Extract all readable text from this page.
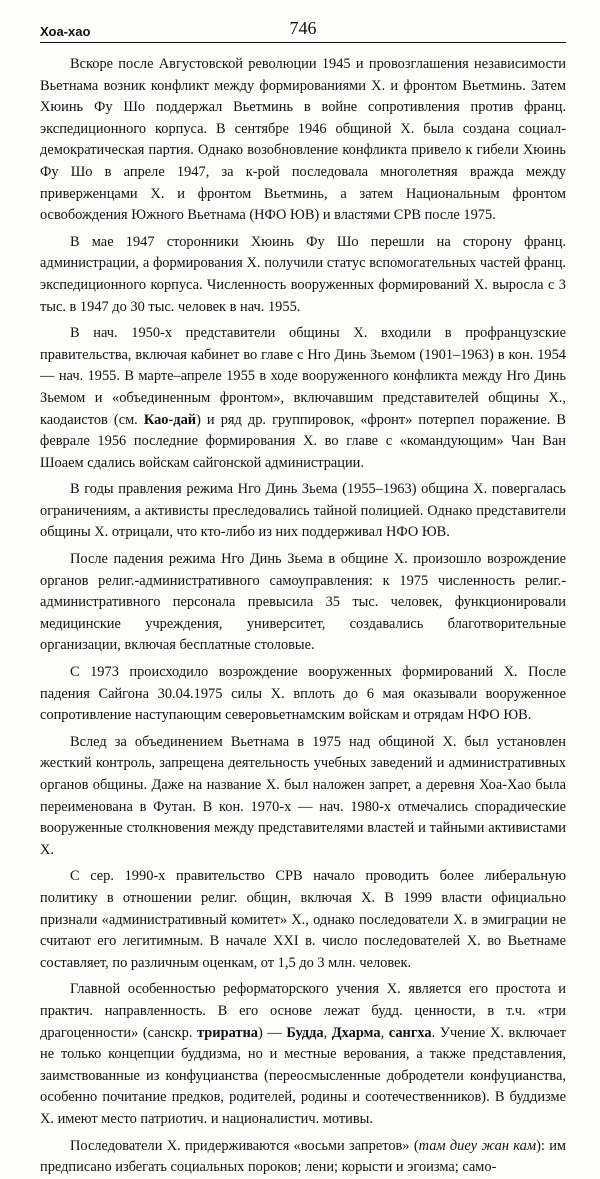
Хоа-хао	746

Вскоре после Августовской революции 1945 и провозглашения независимости Вьетнама возник конфликт между формированиями Х. и фронтом Вьетминь. Затем Хюинь Фу Шо поддержал Вьетминь в войне сопротивления против франц. экспедиционного корпуса. В сентябре 1946 общиной Х. была создана социал-демократическая партия. Однако возобновление конфликта привело к гибели Хюинь Фу Шо в апреле 1947, за к-рой последовала многолетняя вражда между приверженцами Х. и фронтом Вьетминь, а затем Национальным фронтом освобождения Южного Вьетнама (НФО ЮВ) и властями СРВ после 1975.

В мае 1947 сторонники Хюинь Фу Шо перешли на сторону франц. администрации, а формирования Х. получили статус вспомогательных частей франц. экспедиционного корпуса. Численность вооруженных формирований Х. выросла с 3 тыс. в 1947 до 30 тыс. человек в нач. 1955.

В нач. 1950-х представители общины Х. входили в профранцузские правительства, включая кабинет во главе с Нго Динь Зьемом (1901–1963) в кон. 1954 — нач. 1955. В марте–апреле 1955 в ходе вооруженного конфликта между Нго Динь Зьемом и «объединенным фронтом», включавшим представителей общины Х., каодаистов (см. Као-дай) и ряд др. группировок, «фронт» потерпел поражение. В феврале 1956 последние формирования Х. во главе с «командующим» Чан Ван Шоаем сдались войскам сайгонской администрации.

В годы правления режима Нго Динь Зьема (1955–1963) община Х. повергалась ограничениям, а активисты преследовались тайной полицией. Однако представители общины Х. отрицали, что кто-либо из них поддерживал НФО ЮВ.

После падения режима Нго Динь Зьема в общине Х. произошло возрождение органов религ.-административного самоуправления: к 1975 численность религ.-административного персонала превысила 35 тыс. человек, функционировали медицинские учреждения, университет, создавались благотворительные организации, включая бесплатные столовые.

С 1973 происходило возрождение вооруженных формирований Х. После падения Сайгона 30.04.1975 силы Х. вплоть до 6 мая оказывали вооруженное сопротивление наступающим северовьетнамским войскам и отрядам НФО ЮВ.

Вслед за объединением Вьетнама в 1975 над общиной Х. был установлен жесткий контроль, запрещена деятельность учебных заведений и административных органов общины. Даже на название Х. был наложен запрет, а деревня Хоа-Хао была переименована в Футан. В кон. 1970-х — нач. 1980-х отмечались спорадические вооруженные столкновения между представителями властей и тайными активистами Х.

С сер. 1990-х правительство СРВ начало проводить более либеральную политику в отношении религ. общин, включая Х. В 1999 власти официально признали «административный комитет» Х., однако последователи Х. в эмиграции не считают его легитимным. В начале XXI в. число последователей Х. во Вьетнаме составляет, по различным оценкам, от 1,5 до 3 млн. человек.

Главной особенностью реформаторского учения Х. является его простота и практич. направленность. В его основе лежат будд. ценности, в т.ч. «три драгоценности» (санскр. триратна) — Будда, Дхарма, сангха. Учение Х. включает не только концепции буддизма, но и местные верования, а также представления, заимствованные из конфуцианства (переосмысленные добродетели конфуцианства, особенно почитание предков, родителей, родины и соотечественников). В буддизме Х. имеют место патриотич. и националистич. мотивы.

Последователи Х. придерживаются «восьми запретов» (там диеу жан кам): им предписано избегать социальных пороков; лени; корысти и эгоизма; само-
